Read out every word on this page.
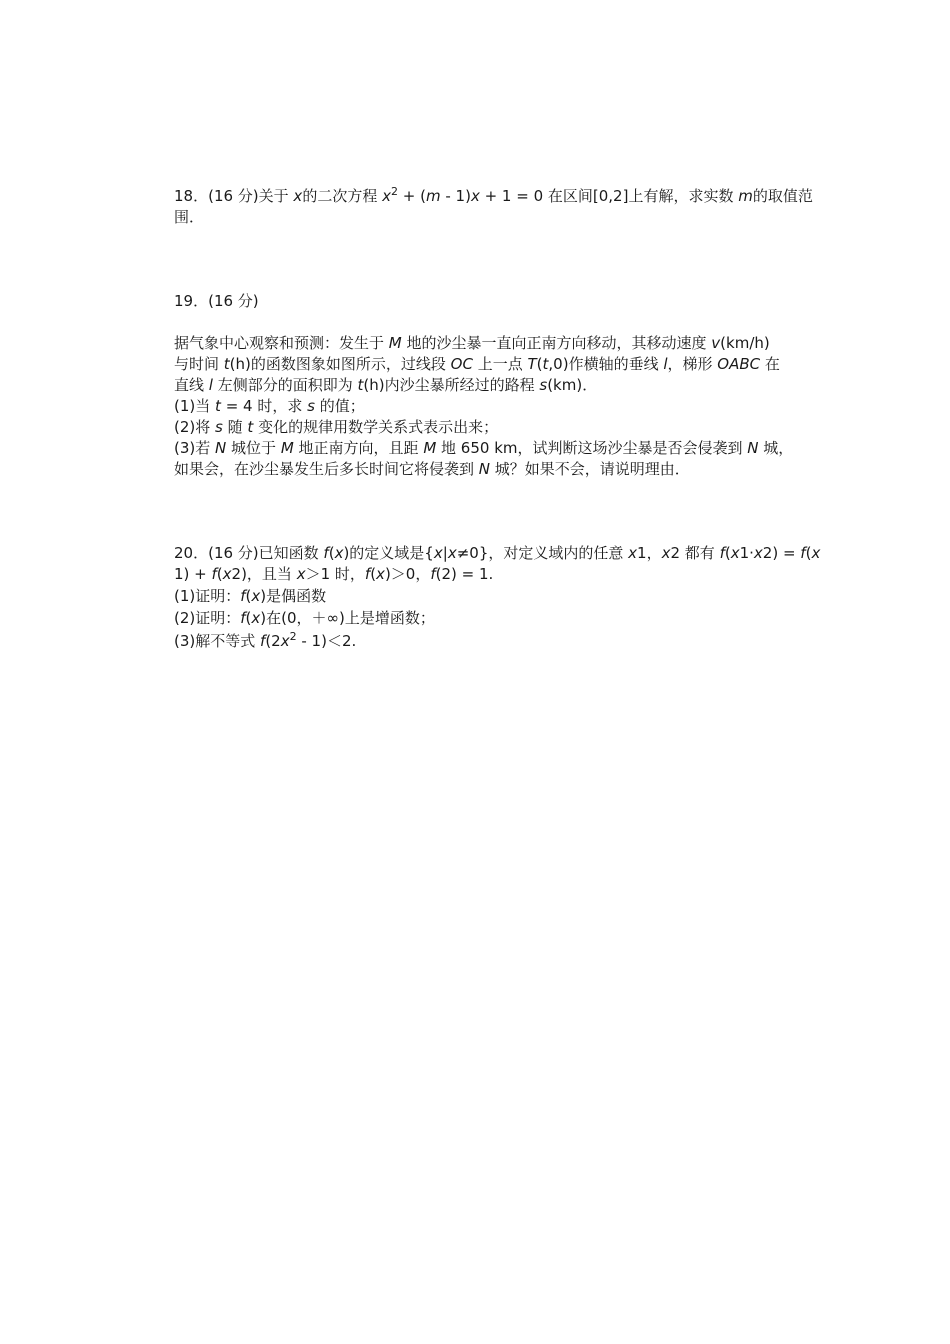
18．(16 分)关于 x的二次方程 $x^2 + (m - 1)x + 1 = 0$ 在区间[0,2]上有解，求实数 m的取值范
围．
19．(16 分)
据气象中心观察和预测：发生于 M 地的沙尘暴一直向正南方向移动，其移动速度 v(km/h)
与时间 t(h)的函数图象如图所示，过线段 OC 上一点 T(t,0)作横轴的垂线 l，梯形 OABC 在
直线 l 左侧部分的面积即为 t(h)内沙尘暴所经过的路程 s(km)．
(1)当 t = 4 时，求 s 的值；
(2)将 s 随 t 变化的规律用数学关系式表示出来；
(3)若 N 城位于 M 地正南方向，且距 M 地 650 km，试判断这场沙尘暴是否会侵袭到 N 城，
如果会，在沙尘暴发生后多长时间它将侵袭到 N 城？如果不会，请说明理由．
20．(16 分)已知函数 f(x)的定义域是{x|x≠0}，对定义域内的任意 x1，x2 都有 f(x1·x2) = f(x
1) + f(x2)，且当 x＞1 时，f(x)＞0，f(2) = 1.
(1)证明：f(x)是偶函数
(2)证明：f(x)在(0，＋∞)上是增函数；
(3)解不等式 $f(2x^2 - 1)<2$.
